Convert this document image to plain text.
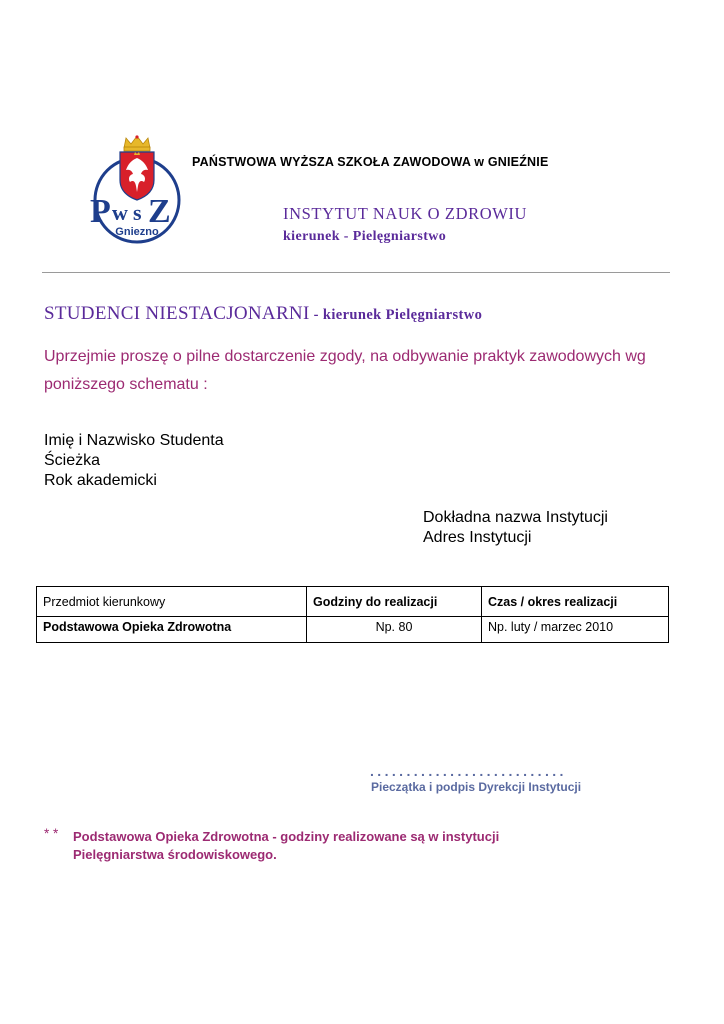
P w s Z
Gniezno
PAŃSTWOWA WYŻSZA SZKOŁA ZAWODOWA w GNIEŹNIE
INSTYTUT NAUK O ZDROWIU
kierunek - Pielęgniarstwo
STUDENCI NIESTACJONARNI - kierunek Pielęgniarstwo
Uprzejmie proszę o pilne dostarczenie zgody, na odbywanie praktyk zawodowych wg poniższego schematu :
Imię i Nazwisko Studenta
Ścieżka
Rok akademicki
Dokładna nazwa Instytucji
Adres Instytucji
Przedmiot kierunkowy	Godziny do realizacji	Czas / okres realizacji
Podstawowa Opieka Zdrowotna	Np. 80	Np. luty / marzec 2010
...........................
Pieczątka i podpis Dyrekcji Instytucji
* * Podstawowa Opieka Zdrowotna - godziny realizowane są w instytucji
Pielęgniarstwa środowiskowego.
